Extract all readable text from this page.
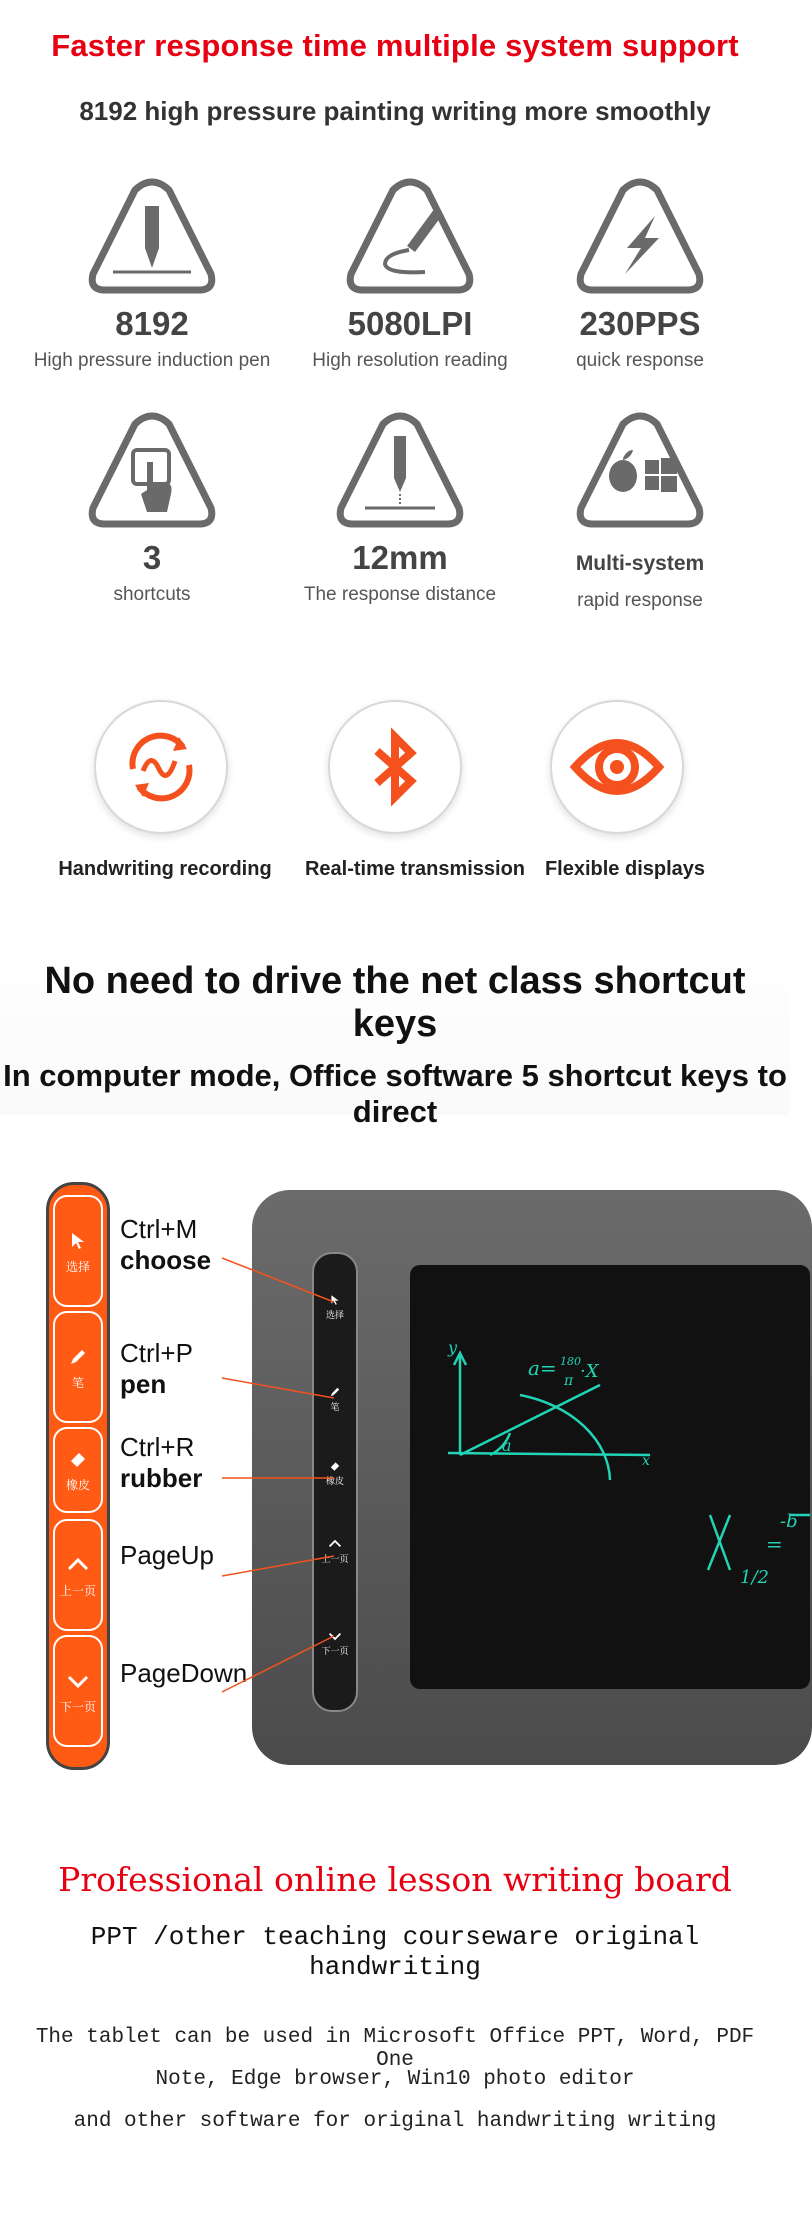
Faster response time multiple system support
8192 high pressure painting writing more smoothly
8192
High pressure induction pen
5080LPI
High resolution reading
230PPS
quick response
3
shortcuts
12mm
The response distance
Multi-system
rapid response
Handwriting recording	Real-time transmission Flexible displays
No need to drive the net class shortcut keys
In computer mode, Office software 5 shortcut keys to direct
选择
笔
橡皮
上一页
下一页
Ctrl+M
choose
Ctrl+P
pen
Ctrl+R
rubber
PageUp
PageDown
y
x
a
a= 180
π ·X
=
-b
1/2
选择
笔
橡皮
上一页
下一页
Professional online lesson writing board
PPT /other teaching courseware original handwriting
The tablet can be used in Microsoft Office PPT, Word, PDF One
Note, Edge browser, Win10 photo editor
and other software for original handwriting writing
